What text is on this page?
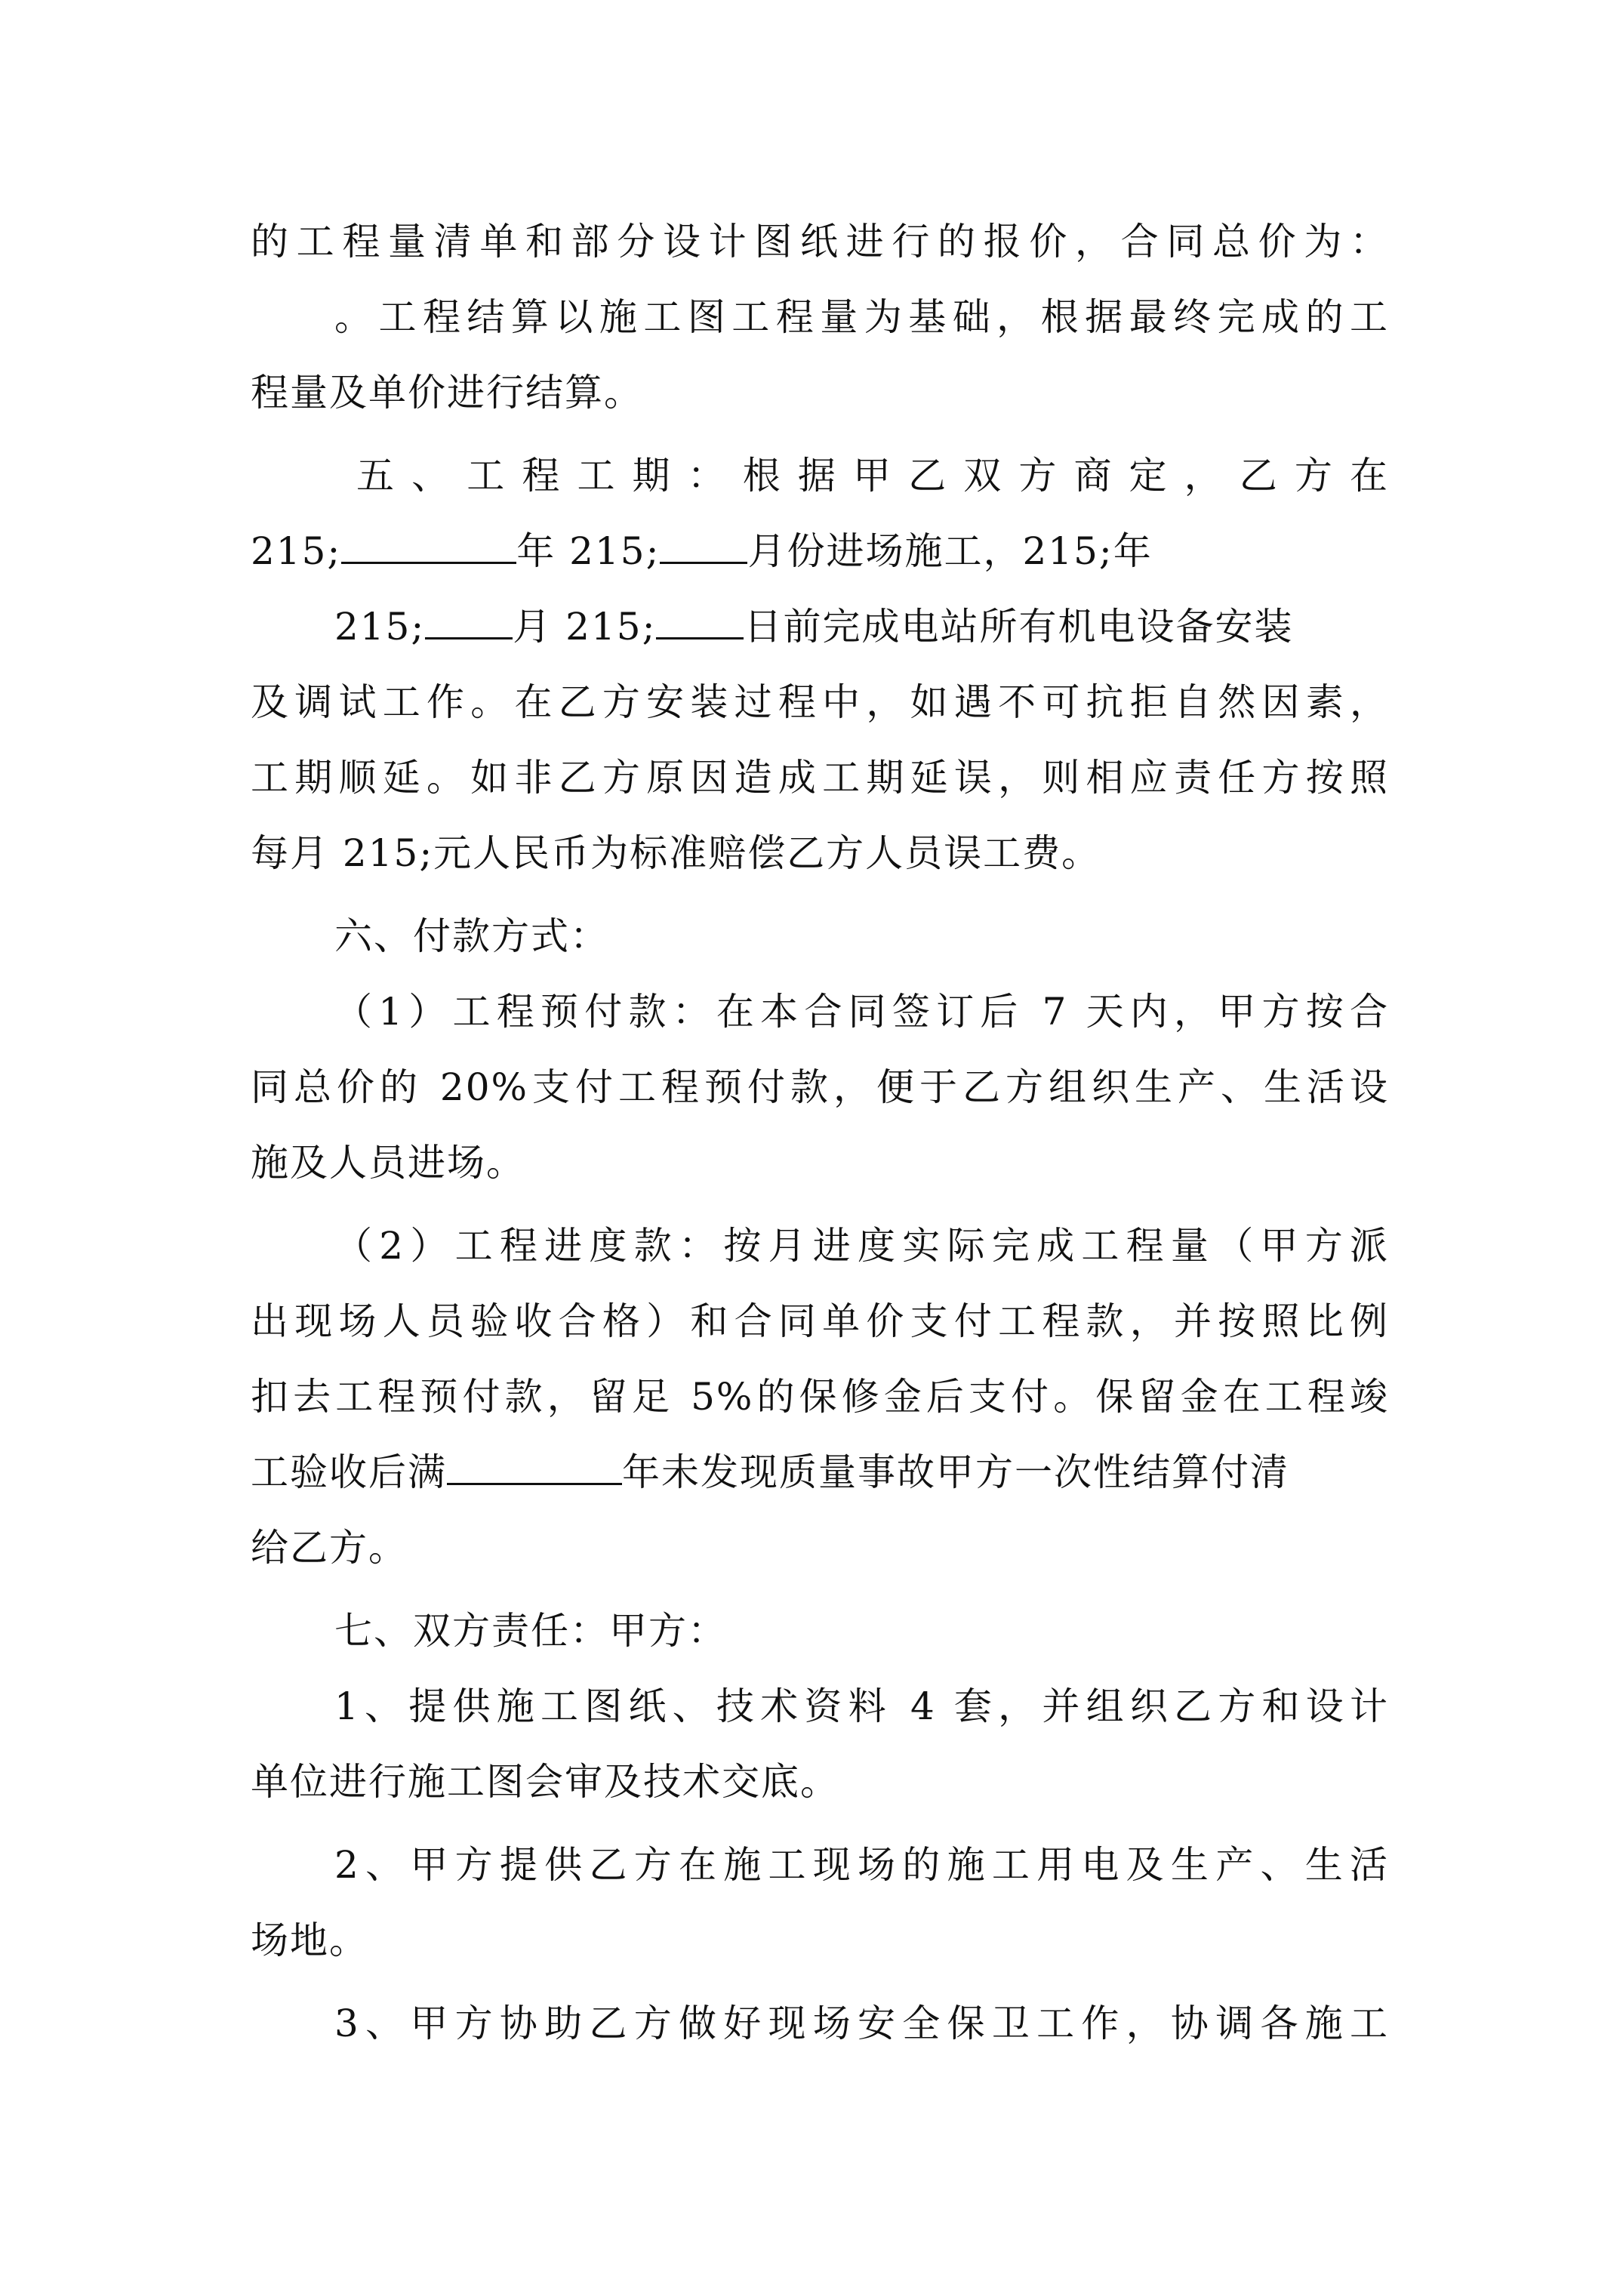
的工程量清单和部分设计图纸进行的报价，合同总价为：
。工程结算以施工图工程量为基础，根据最终完成的工
程量及单价进行结算。
五、工程工期：根据甲乙双方商定，乙方在
215;	年 215; 月份进场施工，215;年
215; 月 215; 日前完成电站所有机电设备安装
及调试工作。在乙方安装过程中，如遇不可抗拒自然因素，
工期顺延。如非乙方原因造成工期延误，则相应责任方按照
每月 215;元人民币为标准赔偿乙方人员误工费。
六、付款方式：
（1）工程预付款：在本合同签订后 7 天内，甲方按合
同总价的 20%支付工程预付款，便于乙方组织生产、生活设
施及人员进场。
（2）工程进度款：按月进度实际完成工程量（甲方派
出现场人员验收合格）和合同单价支付工程款，并按照比例
扣去工程预付款，留足 5%的保修金后支付。保留金在工程竣
工验收后满	年未发现质量事故甲方一次性结算付清
给乙方。
七、双方责任：甲方：
1、提供施工图纸、技术资料 4 套，并组织乙方和设计
单位进行施工图会审及技术交底。
2、甲方提供乙方在施工现场的施工用电及生产、生活
场地。
3、甲方协助乙方做好现场安全保卫工作，协调各施工
